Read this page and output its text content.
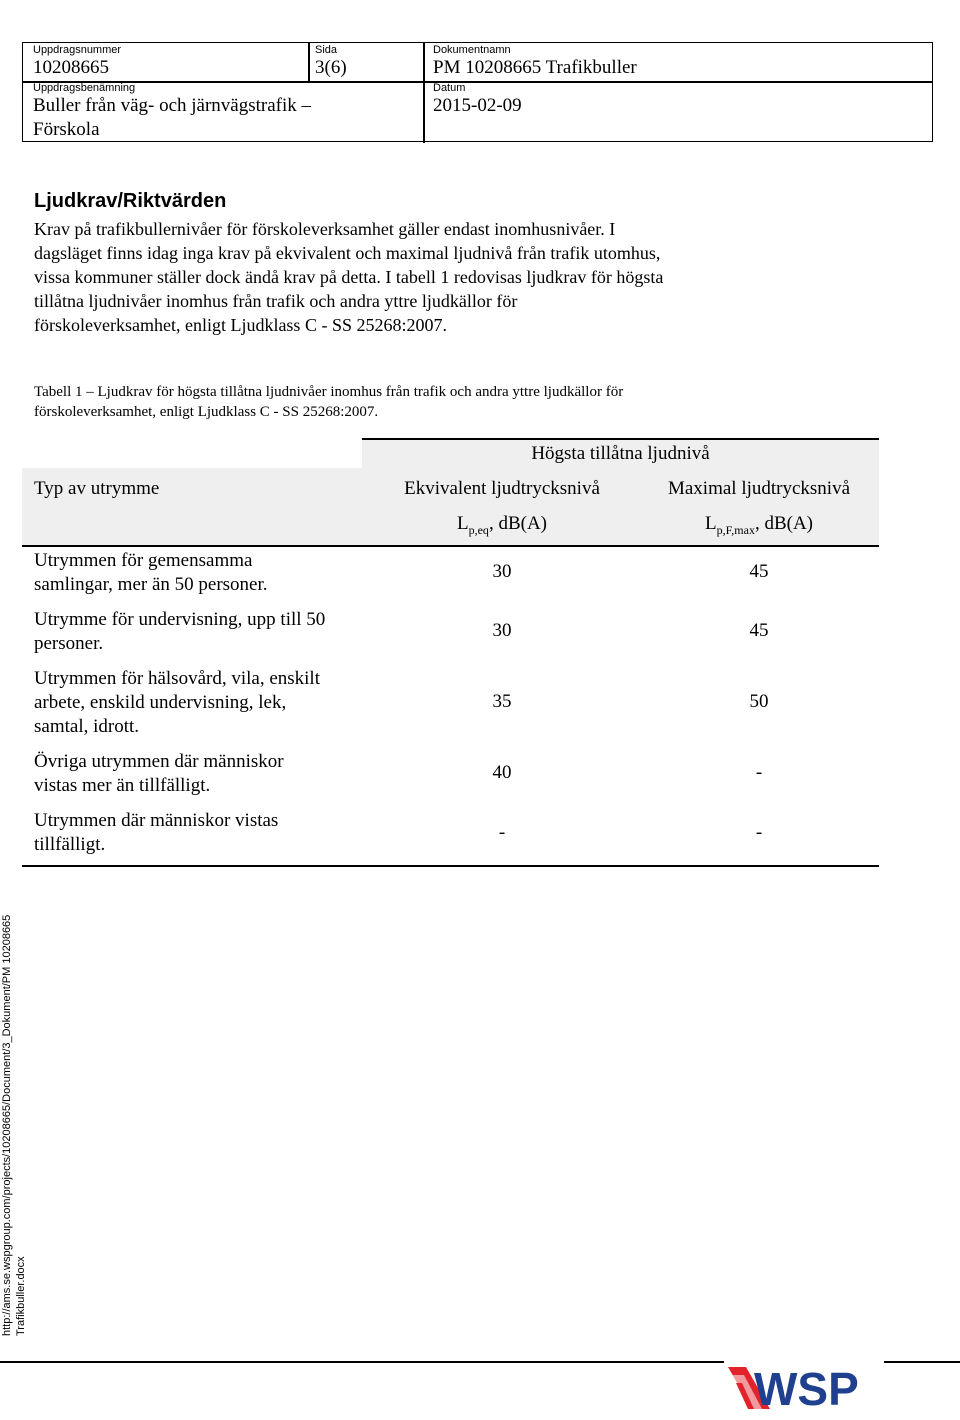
Uppdragsnummer
10208665
Sida
3(6)
Dokumentnamn
PM 10208665 Trafikbuller
Uppdragsbenämning
Buller från väg- och järnvägstrafik –
Förskola
Datum
2015-02-09
Ljudkrav/Riktvärden
Krav på trafikbullernivåer för förskoleverksamhet gäller endast inomhusnivåer. I
dagsläget finns idag inga krav på ekvivalent och maximal ljudnivå från trafik utomhus,
vissa kommuner ställer dock ändå krav på detta. I tabell 1 redovisas ljudkrav för högsta
tillåtna ljudnivåer inomhus från trafik och andra yttre ljudkällor för
förskoleverksamhet, enligt Ljudklass C - SS 25268:2007.
Tabell 1 – Ljudkrav för högsta tillåtna ljudnivåer inomhus från trafik och andra yttre ljudkällor för
förskoleverksamhet, enligt Ljudklass C - SS 25268:2007.
Högsta tillåtna ljudnivå
Typ av utrymme	Ekvivalent ljudtrycksnivå	Maximal ljudtrycksnivå
$L_{p,eq}$, dB(A)	$L_{p,F,max}$, dB(A)
Utrymmen för gemensamma
samlingar, mer än 50 personer.
30	45
Utrymme för undervisning, upp till 50
personer.
30	45
Utrymmen för hälsovård, vila, enskilt
arbete, enskild undervisning, lek,
samtal, idrott.
35	50
Övriga utrymmen där människor
vistas mer än tillfälligt.
40	-
Utrymmen där människor vistas
tillfälligt.
-	-
http://ams.se.wspgroup.com/projects/10208665/Document/3_Dokument/PM 10208665 Trafikbuller.docx
WSP
